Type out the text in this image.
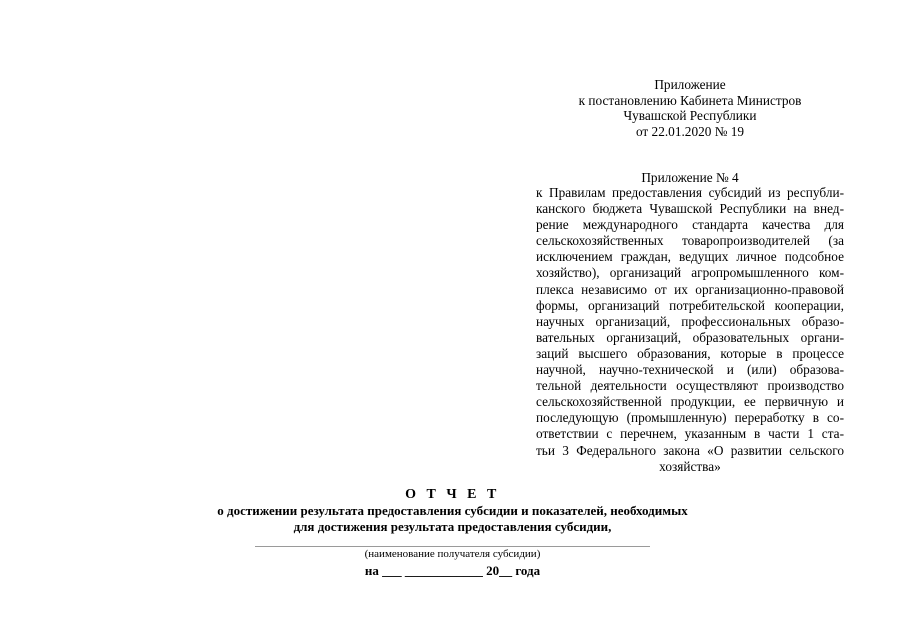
Приложение
к постановлению Кабинета Министров
Чувашской Республики
от 22.01.2020 № 19
Приложение № 4
к Правилам предоставления субсидий из республи-
канского бюджета Чувашской Республики на внед-
рение международного стандарта качества для
сельскохозяйственных товаропроизводителей (за
исключением граждан, ведущих личное подсобное
хозяйство), организаций агропромышленного ком-
плекса независимо от их организационно-правовой
формы, организаций потребительской кооперации,
научных организаций, профессиональных образо-
вательных организаций, образовательных органи-
заций высшего образования, которые в процессе
научной, научно-технической и (или) образова-
тельной деятельности осуществляют производство
сельскохозяйственной продукции, ее первичную и
последующую (промышленную) переработку в со-
ответствии с перечнем, указанным в части 1 ста-
тьи 3 Федерального закона «О развитии сельского
хозяйства»
О Т Ч Е Т
о достижении результата предоставления субсидии и показателей, необходимых
для достижения результата предоставления субсидии,
(наименование получателя субсидии)
на ___ ____________ 20__ года
